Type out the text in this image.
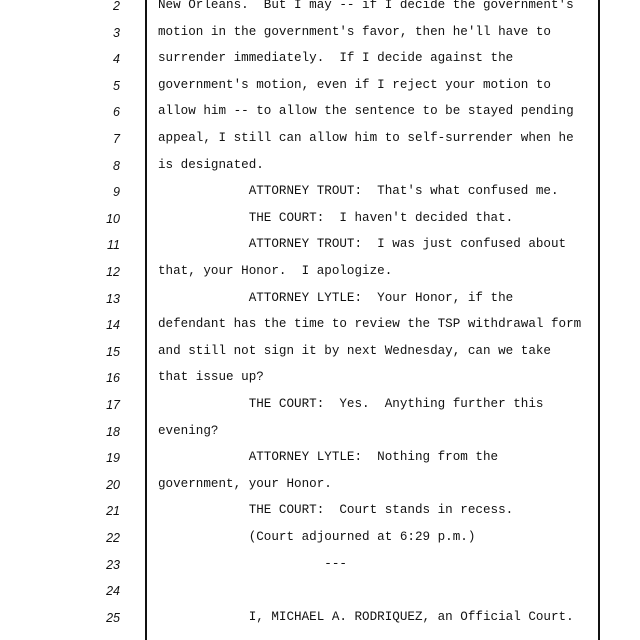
2	New Orleans.  But I may -- if I decide the government's
3	motion in the government's favor, then he'll have to
4	surrender immediately.  If I decide against the
5	government's motion, even if I reject your motion to
6	allow him -- to allow the sentence to be stayed pending
7	appeal, I still can allow him to self-surrender when he
8	is designated.
9	ATTORNEY TROUT:  That's what confused me.
10	THE COURT:  I haven't decided that.
11	ATTORNEY TROUT:  I was just confused about
12	that, your Honor.  I apologize.
13	ATTORNEY LYTLE:  Your Honor, if the
14	defendant has the time to review the TSP withdrawal form
15	and still not sign it by next Wednesday, can we take
16	that issue up?
17	THE COURT:  Yes.  Anything further this
18	evening?
19	ATTORNEY LYTLE:  Nothing from the
20	government, your Honor.
21	THE COURT:  Court stands in recess.
22	(Court adjourned at 6:29 p.m.)
23	---
24
25	I, MICHAEL A. RODRIQUEZ, an Official Court.
